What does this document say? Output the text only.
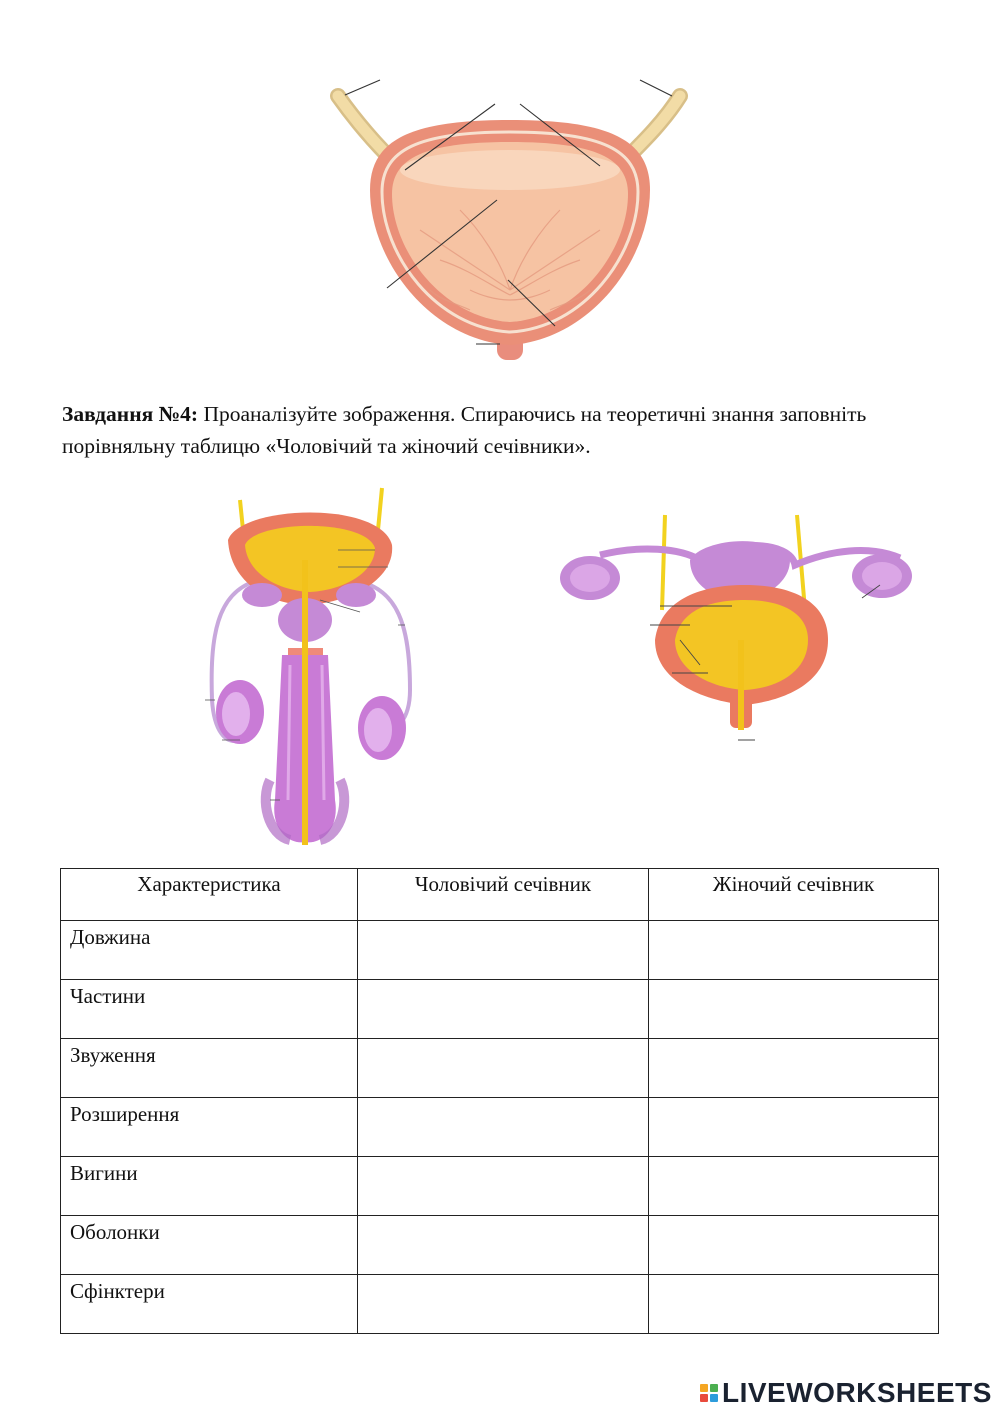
Завдання №4: Проаналізуйте зображення. Спираючись на теоретичні знання заповніть порівняльну таблицю «Чоловічий та жіночий сечівники».
Характеристика	Чоловічий сечівник	Жіночий сечівник
Довжина		
Частини		
Звуження		
Розширення		
Вигини		
Оболонки		
Сфінктери		
LIVEWORKSHEETS
